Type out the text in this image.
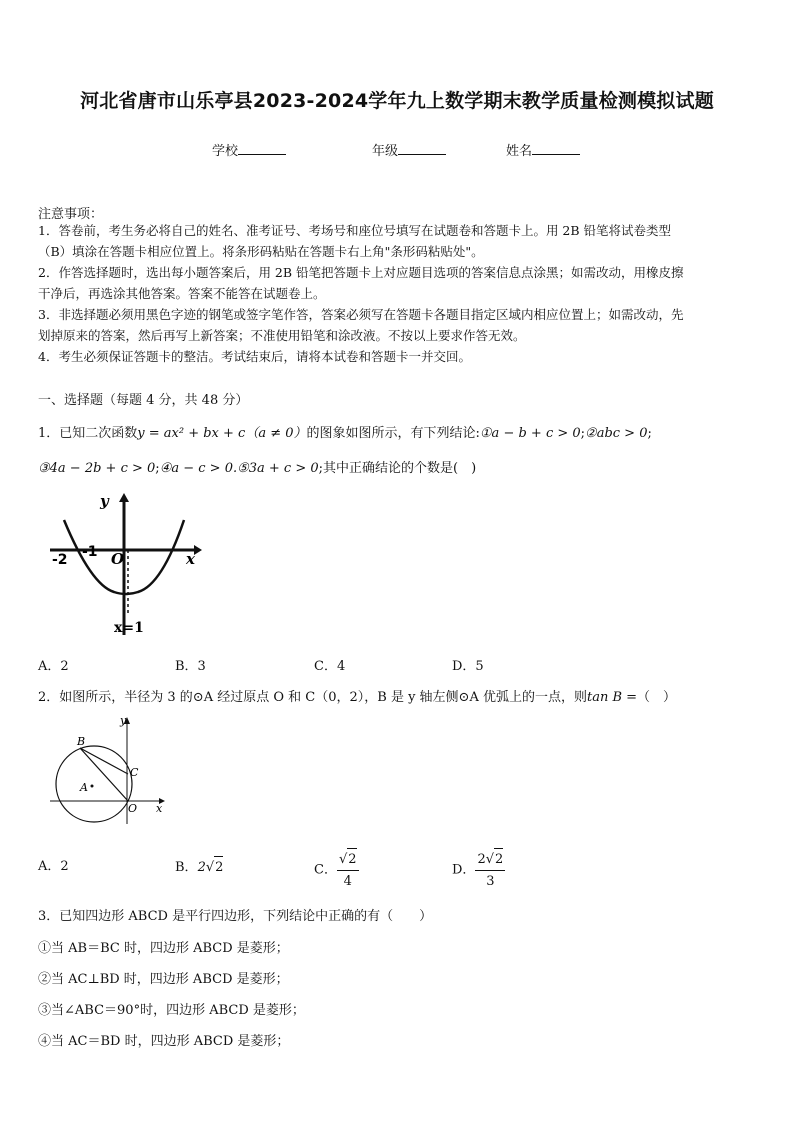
河北省唐市山乐亭县2023-2024学年九上数学期末教学质量检测模拟试题
学校	年级	姓名
注意事项：
1．答卷前，考生务必将自己的姓名、准考证号、考场号和座位号填写在试题卷和答题卡上。用 2B 铅笔将试卷类型
（B）填涂在答题卡相应位置上。将条形码粘贴在答题卡右上角"条形码粘贴处"。
2．作答选择题时，选出每小题答案后，用 2B 铅笔把答题卡上对应题目选项的答案信息点涂黑；如需改动，用橡皮擦
干净后，再选涂其他答案。答案不能答在试题卷上。
3．非选择题必须用黑色字迹的钢笔或签字笔作答，答案必须写在答题卡各题目指定区域内相应位置上；如需改动，先
划掉原来的答案，然后再写上新答案；不准使用铅笔和涂改液。不按以上要求作答无效。
4．考生必须保证答题卡的整洁。考试结束后，请将本试卷和答题卡一并交回。
一、选择题（每题 4 分，共 48 分）
1．已知二次函数y = ax² + bx + c（a ≠ 0）的图象如图所示，有下列结论:①a − b + c > 0;②abc > 0;
③4a − 2b + c > 0;④a − c > 0.⑤3a + c > 0;其中正确结论的个数是(　)
y
x
O
-2 -1
x=1
A．2	B．3	C．4	D．5
2．如图所示，半径为 3 的⊙A 经过原点 O 和 C（0，2），B 是 y 轴左侧⊙A 优弧上的一点，则tan B =（　）
B
C
A
O
y
x
A．2	B．2√2	C． $\frac{√2}{4}$	D． $\frac{2√2}{3}$
3．已知四边形 ABCD 是平行四边形，下列结论中正确的有（　　）
①当 AB＝BC 时，四边形 ABCD 是菱形；
②当 AC⊥BD 时，四边形 ABCD 是菱形；
③当∠ABC＝90°时，四边形 ABCD 是菱形；
④当 AC＝BD 时，四边形 ABCD 是菱形；
